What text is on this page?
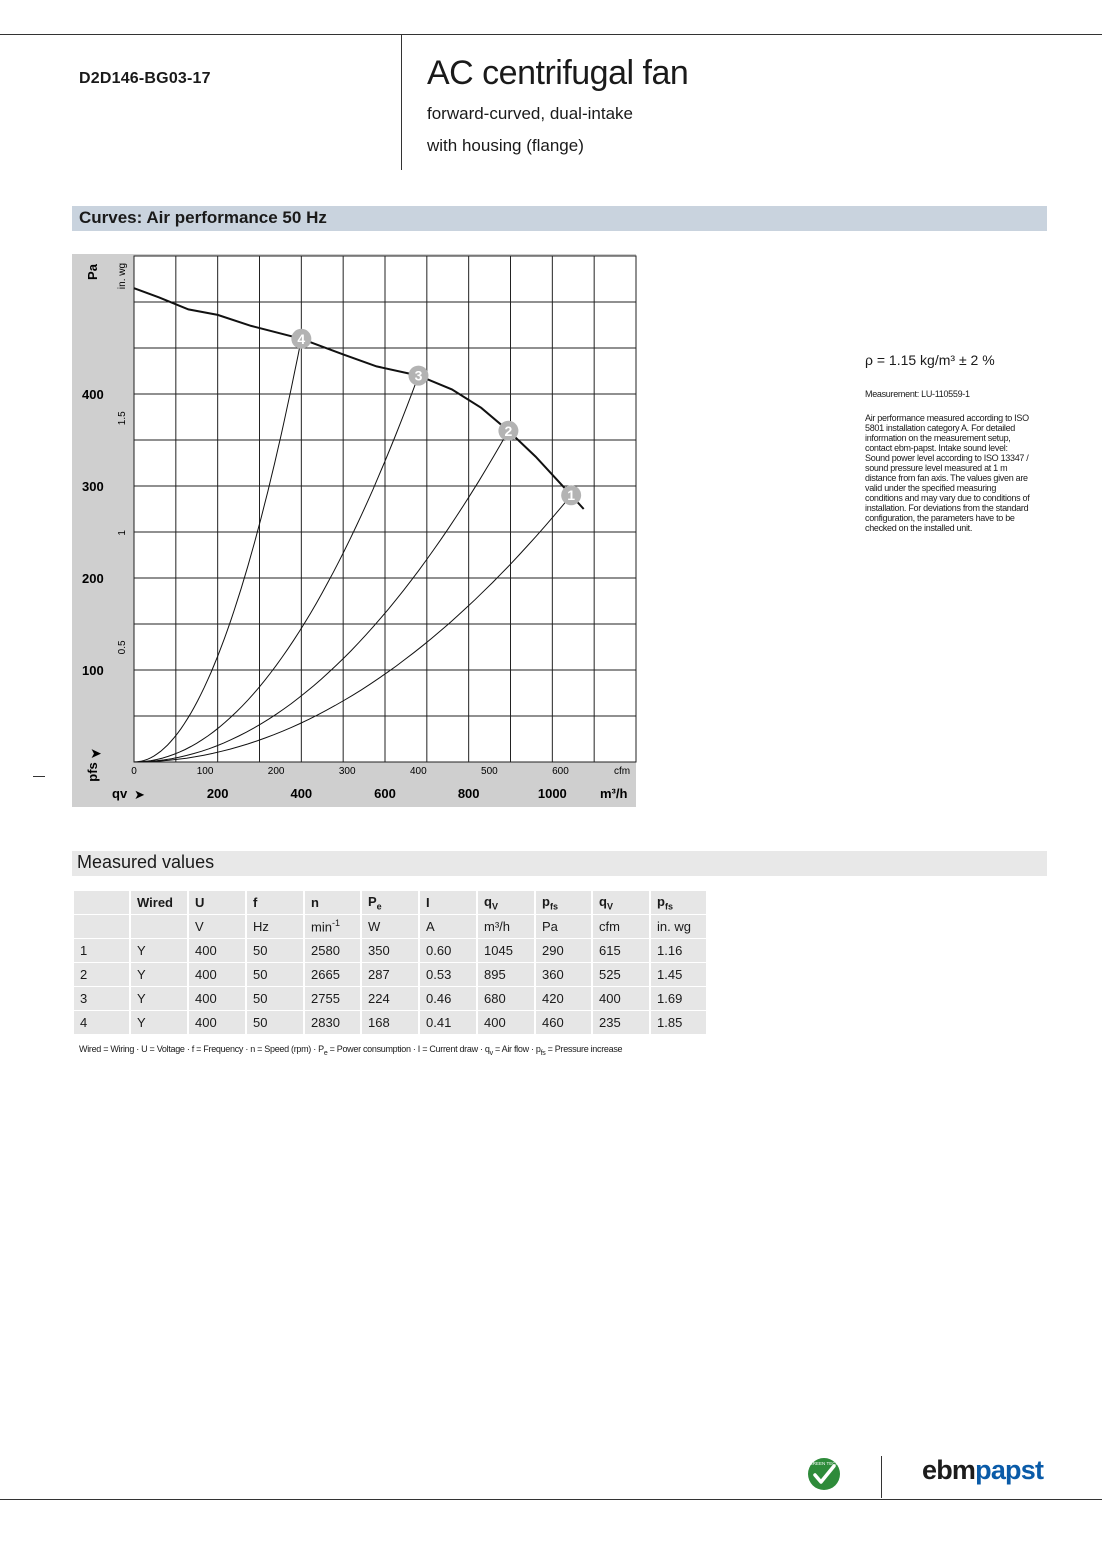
D2D146-BG03-17	AC centrifugal fan
forward-curved, dual-intake
with housing (flange)
Curves: Air performance 50 Hz
1
2
3
4
200	400	600	800	1000
0	100	200	300	400	500	600
100
200
300
400
0.5
1
1.5
Pa in. wg
pfs
➤
qv ➤	m³/h
cfm
ρ = 1.15 kg/m³ ± 2 %
Measurement: LU-110559-1
Air performance measured according to ISO
5801 installation category A. For detailed
information on the measurement setup,
contact ebm-papst. Intake sound level:
Sound power level according to ISO 13347 /
sound pressure level measured at 1 m
distance from fan axis. The values given are
valid under the specified measuring
conditions and may vary due to conditions of
installation. For deviations from the standard
configuration, the parameters have to be
checked on the installed unit.
Measured values
	Wired	U	f	n	$P_e$	I	$q_V$	$p_{fs}$	$q_V$	$p_{fs}$
		V	Hz	$\min^{-1}$	W	A	m³/h	Pa	cfm	in. wg
1	Y	400	50	2580	350	0.60	1045	290	615	1.16
2	Y	400	50	2665	287	0.53	895	360	525	1.45
3	Y	400	50	2755	224	0.46	680	420	400	1.69
4	Y	400	50	2830	168	0.41	400	460	235	1.85
Wired = Wiring · U = Voltage · f = Frequency · n = Speed $(rpm) \cdot P_e$ = Power consumption · I = Current draw · $q_v$ = Air flow · $p_{fs}$ = Pressure increase
GREEN TECH	ebmpapst
